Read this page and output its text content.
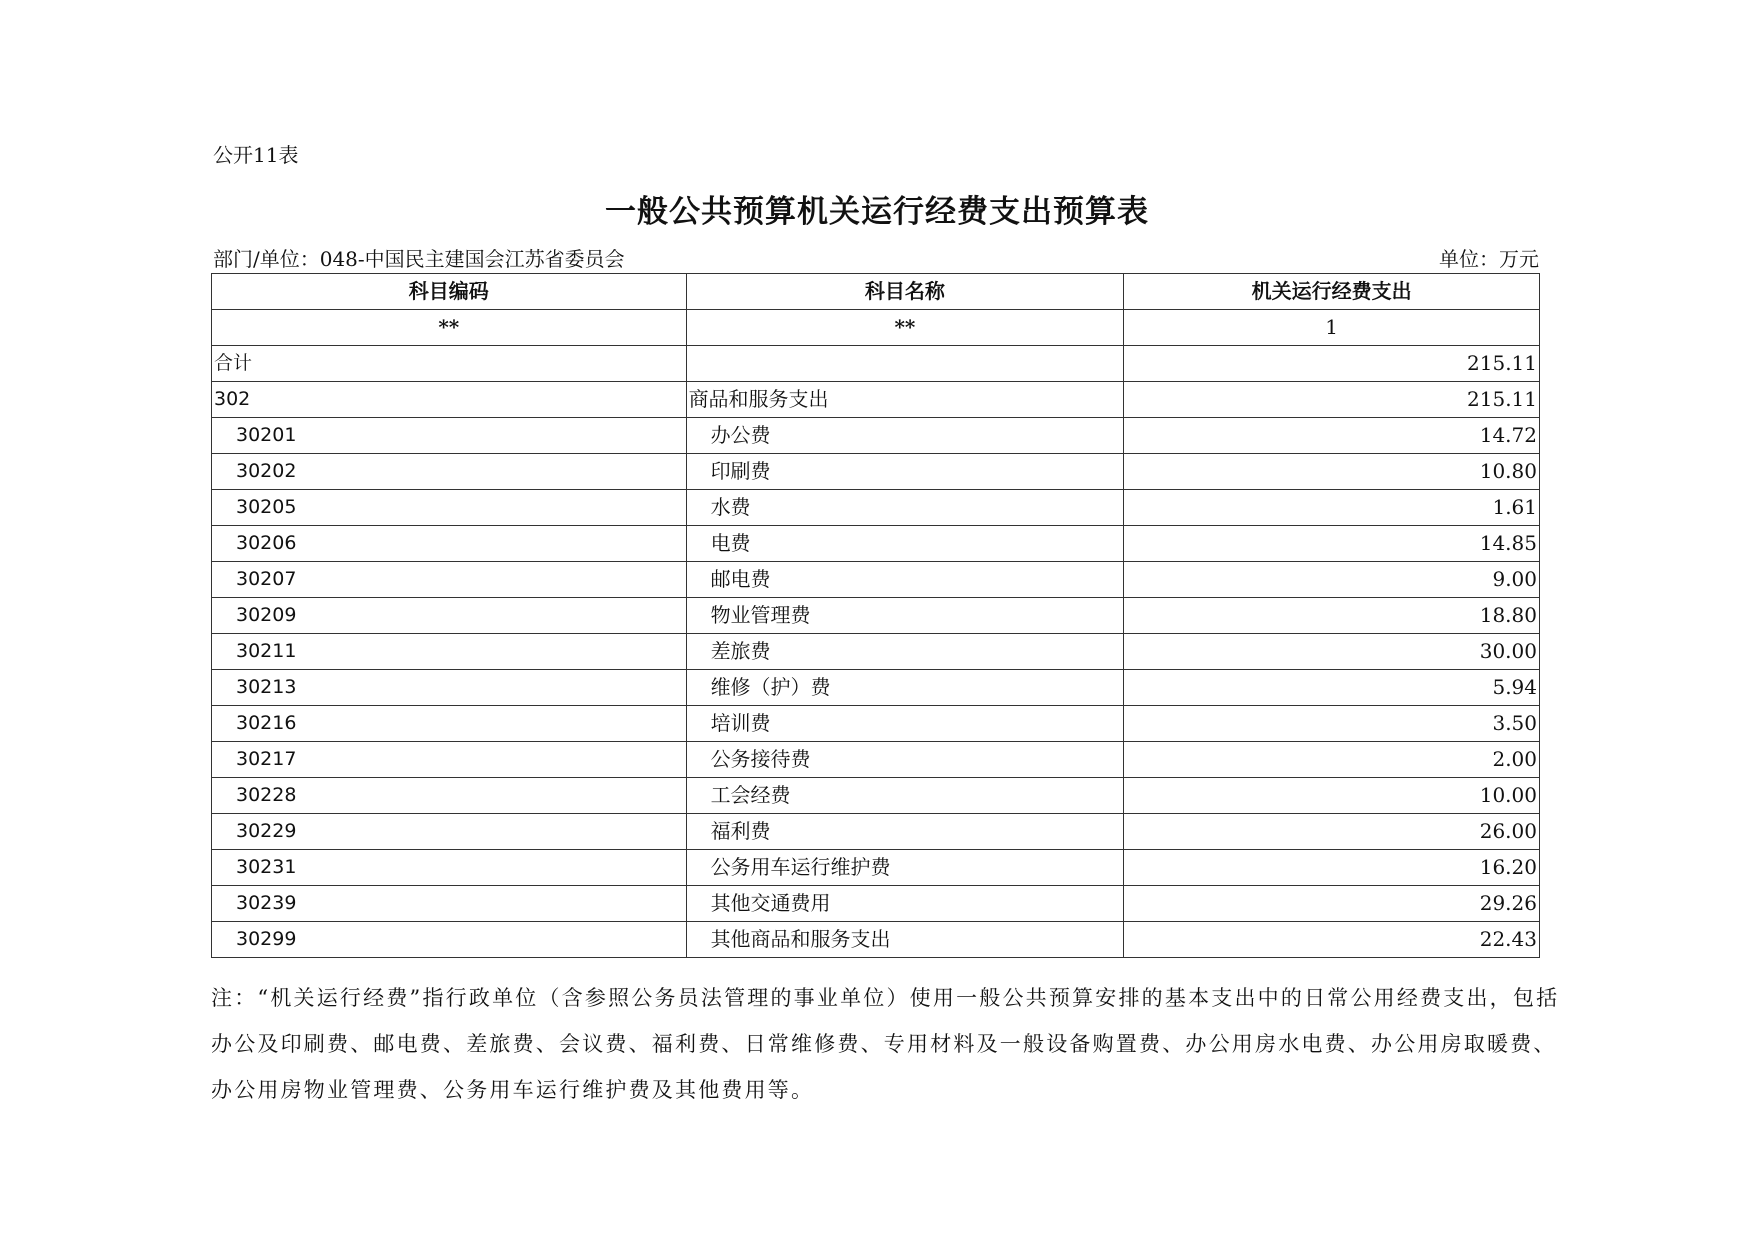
公开11表
一般公共预算机关运行经费支出预算表
部门/单位：048-中国民主建国会江苏省委员会	单位：万元
科目编码	科目名称	机关运行经费支出
**	**	1
合计		215.11
302	商品和服务支出	215.11
30201	办公费	14.72
30202	印刷费	10.80
30205	水费	1.61
30206	电费	14.85
30207	邮电费	9.00
30209	物业管理费	18.80
30211	差旅费	30.00
30213	维修（护）费	5.94
30216	培训费	3.50
30217	公务接待费	2.00
30228	工会经费	10.00
30229	福利费	26.00
30231	公务用车运行维护费	16.20
30239	其他交通费用	29.26
30299	其他商品和服务支出	22.43
注：“机关运行经费”指行政单位（含参照公务员法管理的事业单位）使用一般公共预算安排的基本支出中的日常公用经费支出，包括办公及印刷费、邮电费、差旅费、会议费、福利费、日常维修费、专用材料及一般设备购置费、办公用房水电费、办公用房取暖费、办公用房物业管理费、公务用车运行维护费及其他费用等。
